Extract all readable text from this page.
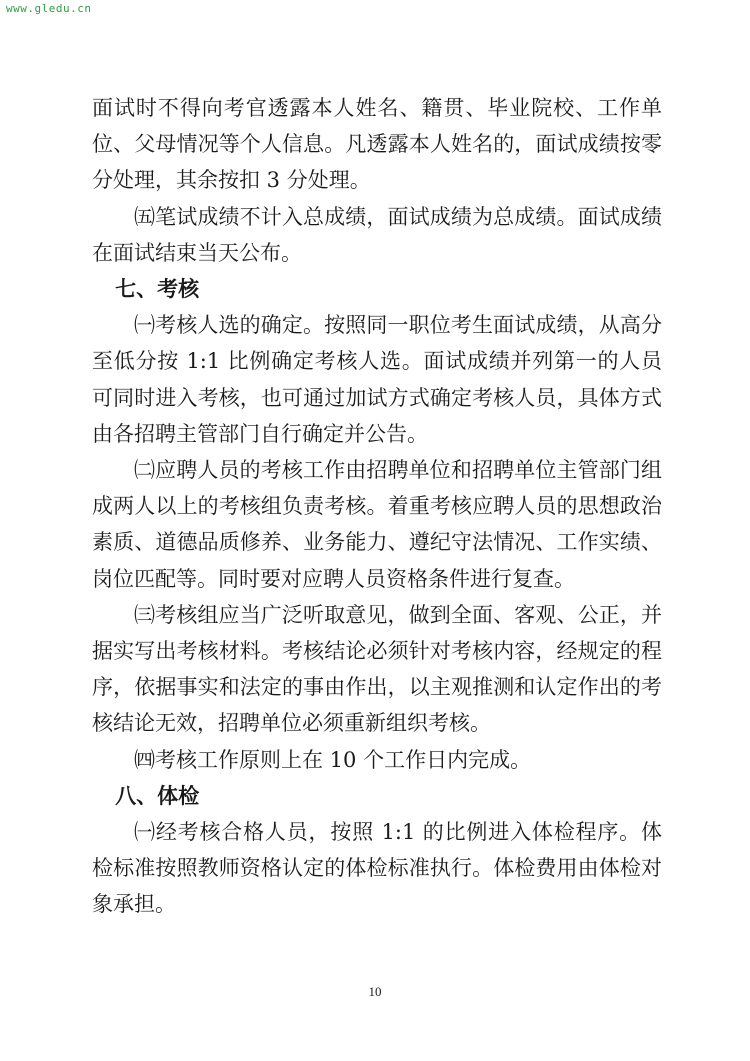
www.gledu.cn

面试时不得向考官透露本人姓名、籍贯、毕业院校、工作单位、父母情况等个人信息。凡透露本人姓名的，面试成绩按零分处理，其余按扣 3 分处理。

㈤笔试成绩不计入总成绩，面试成绩为总成绩。面试成绩在面试结束当天公布。

七、考核

㈠考核人选的确定。按照同一职位考生面试成绩，从高分至低分按 1:1 比例确定考核人选。面试成绩并列第一的人员可同时进入考核，也可通过加试方式确定考核人员，具体方式由各招聘主管部门自行确定并公告。

㈡应聘人员的考核工作由招聘单位和招聘单位主管部门组成两人以上的考核组负责考核。着重考核应聘人员的思想政治素质、道德品质修养、业务能力、遵纪守法情况、工作实绩、岗位匹配等。同时要对应聘人员资格条件进行复查。

㈢考核组应当广泛听取意见，做到全面、客观、公正，并据实写出考核材料。考核结论必须针对考核内容，经规定的程序，依据事实和法定的事由作出，以主观推测和认定作出的考核结论无效，招聘单位必须重新组织考核。

㈣考核工作原则上在 10 个工作日内完成。

八、体检

㈠经考核合格人员，按照 1:1 的比例进入体检程序。体检标准按照教师资格认定的体检标准执行。体检费用由体检对象承担。

10
